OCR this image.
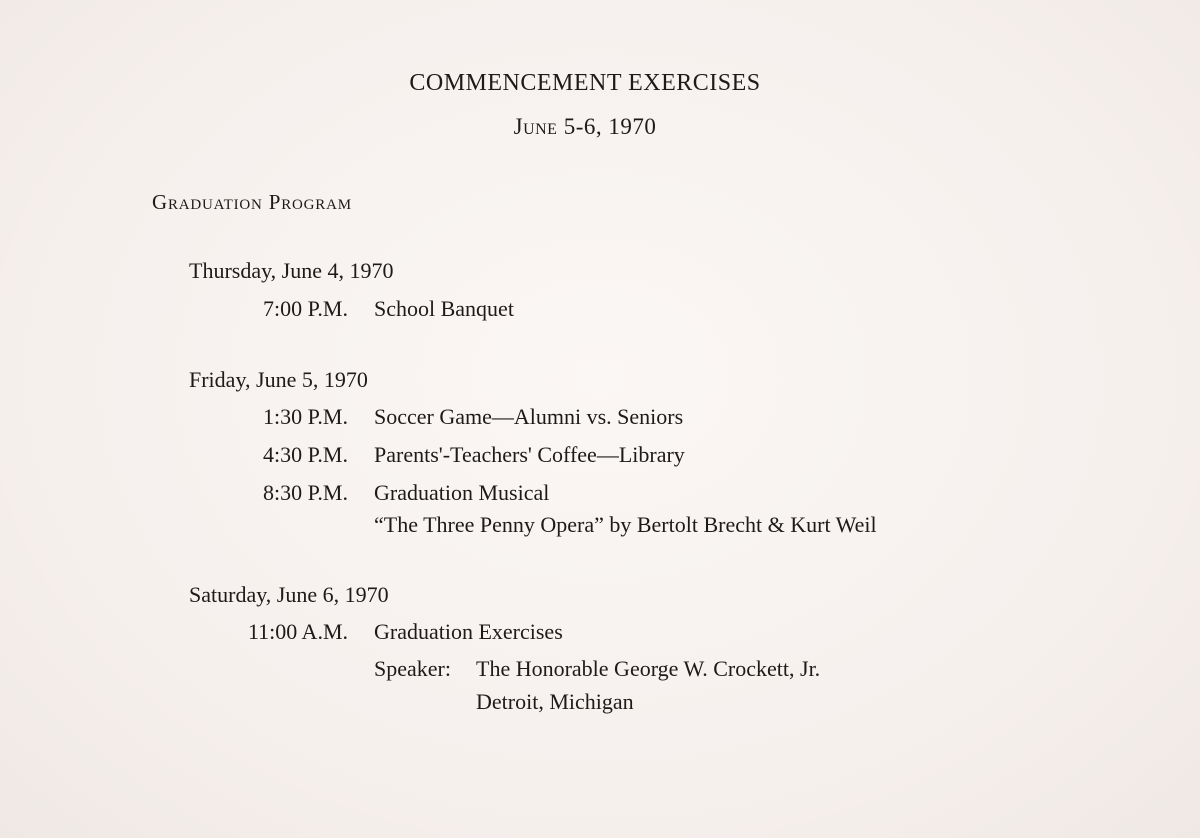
COMMENCEMENT EXERCISES
June 5-6, 1970
Graduation Program
Thursday, June 4, 1970
7:00 P.M. School Banquet
Friday, June 5, 1970
1:30 P.M. Soccer Game—Alumni vs. Seniors
4:30 P.M. Parents'-Teachers' Coffee—Library
8:30 P.M. Graduation Musical
“The Three Penny Opera” by Bertolt Brecht & Kurt Weil
Saturday, June 6, 1970
11:00 A.M. Graduation Exercises
Speaker: The Honorable George W. Crockett, Jr.
Detroit, Michigan
